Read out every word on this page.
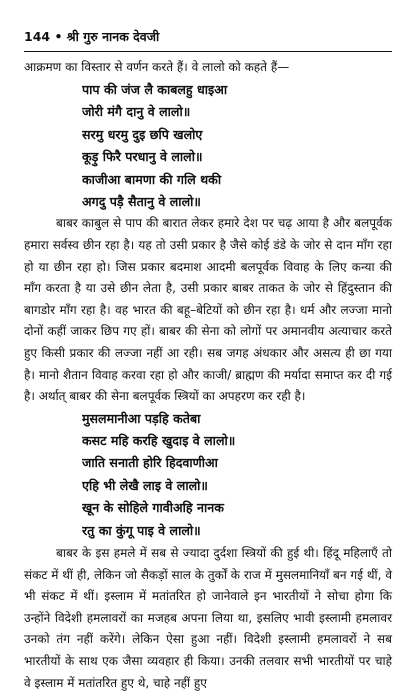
144 • श्री गुरु नानक देवजी
आक्रमण का विस्तार से वर्णन करते हैं। वे लालो को कहते हैं—
पाप की जंज लै काबलहु धाइआ
जोरी मंगै दानु वे लालो॥
सरमु धरमु दुइ छपि खलोए
कूड़ु फिरै परधानु वे लालो॥
काजीआ बामणा की गलि थकी
अगदु पड़ै सैतानु वे लालो॥

बाबर काबुल से पाप की बारात लेकर हमारे देश पर चढ़ आया है और बलपूर्वक हमारा सर्वस्व छीन रहा है। यह तो उसी प्रकार है जैसे कोई डंडे के जोर से दान माँग रहा हो या छीन रहा हो। जिस प्रकार बदमाश आदमी बलपूर्वक विवाह के लिए कन्या की माँग करता है या उसे छीन लेता है, उसी प्रकार बाबर ताकत के जोर से हिंदुस्तान की बागडोर माँग रहा है। वह भारत की बहू–बेटियों को छीन रहा है। धर्म और लज्जा मानो दोनों कहीं जाकर छिप गए हों। बाबर की सेना को लोगों पर अमानवीय अत्याचार करते हुए किसी प्रकार की लज्जा नहीं आ रही। सब जगह अंधकार और असत्य ही छा गया है। मानो शैतान विवाह करवा रहा हो और काजी/ ब्राह्मण की मर्यादा समाप्त कर दी गई है। अर्थात् बाबर की सेना बलपूर्वक स्त्रियों का अपहरण कर रही है।

मुसलमानीआ पड़हि कतेबा
कसट महि करहि खुदाइ वे लालो॥
जाति सनाती होरि हिदवाणीआ
एहि भी लेखै लाइ वे लालो॥
खून के सोहिले गावीअहि नानक
रतु का कुंगू पाइ वे लालो॥

बाबर के इस हमले में सब से ज्यादा दुर्दशा स्त्रियों की हुई थी। हिंदू महिलाएँ तो संकट में थीं ही, लेकिन जो सैकड़ों साल के तुर्कों के राज में मुसलमानियाँ बन गई थीं, वे भी संकट में थीं। इस्लाम में मतांतरित हो जानेवाले इन भारतीयों ने सोचा होगा कि उन्होंने विदेशी हमलावरों का मजहब अपना लिया था, इसलिए भावी इस्लामी हमलावर उनको तंग नहीं करेंगे। लेकिन ऐसा हुआ नहीं। विदेशी इस्लामी हमलावरों ने सब भारतीयों के साथ एक जैसा व्यवहार ही किया। उनकी तलवार सभी भारतीयों पर चाहे वे इस्लाम में मतांतरित हुए थे, चाहे नहीं हुए
